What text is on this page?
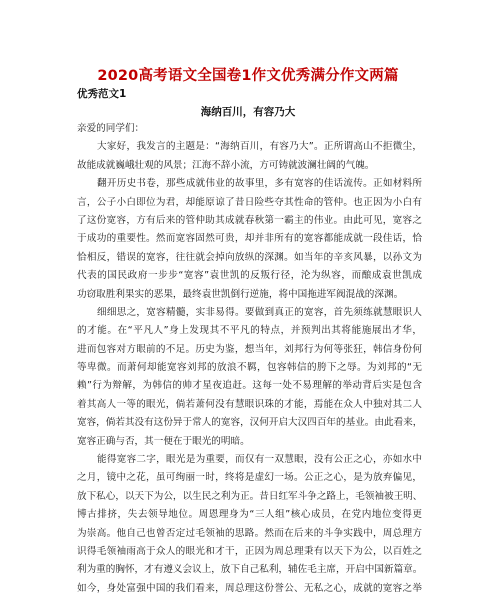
2020高考语文全国卷1作文优秀满分作文两篇
优秀范文1
海纳百川，有容乃大
亲爱的同学们：
大家好，我发言的主题是：“海纳百川，有容乃大”。正所谓高山不拒微尘，
故能成就巍峨壮观的风景；江海不辞小流，方可铸就波澜壮阔的气魄。
翻开历史书卷，那些成就伟业的故事里，多有宽容的佳话流传。正如材料所
言，公子小白即位为君，却能原谅了昔日险些夺其性命的管仲。也正因为小白有
了这份宽容，方有后来的管仲助其成就春秋第一霸主的伟业。由此可见，宽容之
于成功的重要性。然而宽容固然可贵，却并非所有的宽容都能成就一段佳话，恰
恰相反，错误的宽容，往往就会掉向放纵的深渊。如当年的辛亥风暴，以孙文为
代表的国民政府一步步“宽容”袁世凯的反叛行径，沦为纵容，而酿成袁世凯成
功窃取胜利果实的恶果，最终袁世凯倒行逆施，将中国拖进军阀混战的深渊。
细细思之，宽容精髓，实非易得。要做到真正的宽容，首先须练就慧眼识人
的才能。在“平凡人”身上发现其不平凡的特点，并预判出其将能施展出才华，
进而包容对方眼前的不足。历史为鉴，想当年，刘邦行为何等张狂，韩信身份何
等卑微。而萧何却能宽容刘邦的放浪不羁，包容韩信的胯下之辱。为刘邦的“无
赖”行为辩解，为韩信的帅才星夜追赶。这每一处不易理解的举动背后实是包含
着其高人一等的眼光，倘若萧何没有慧眼识珠的才能，焉能在众人中独对其二人
宽容，倘若其没有这份异于常人的宽容，汉何开启大汉四百年的基业。由此看来，
宽容正确与否，其一便在于眼光的明暗。
能得宽容二字，眼光是为重要，而仅有一双慧眼，没有公正之心，亦如水中
之月，镜中之花，虽可绚丽一时，终将是虚幻一场。公正之心，是为放弃偏见，
放下私心，以天下为公，以生民之利为正。昔日红军斗争之路上，毛领袖被王明、
博古排挤，失去领导地位。周恩理身为“三人组”核心成员，在党内地位变得更
为崇高。他自己也曾否定过毛领袖的思路。然而在后来的斗争实践中，周总理方
识得毛领袖雨高于众人的眼光和才干，正因为周总理秉有以天下为公，以百姓之
利为重的胸怀，才有遵义会议上，放下自己私利，辅佐毛主席，开启中国新篇章。
如今，身处富强中国的我们看来，周总理这份誉公、无私之心，成就的宽容之举
